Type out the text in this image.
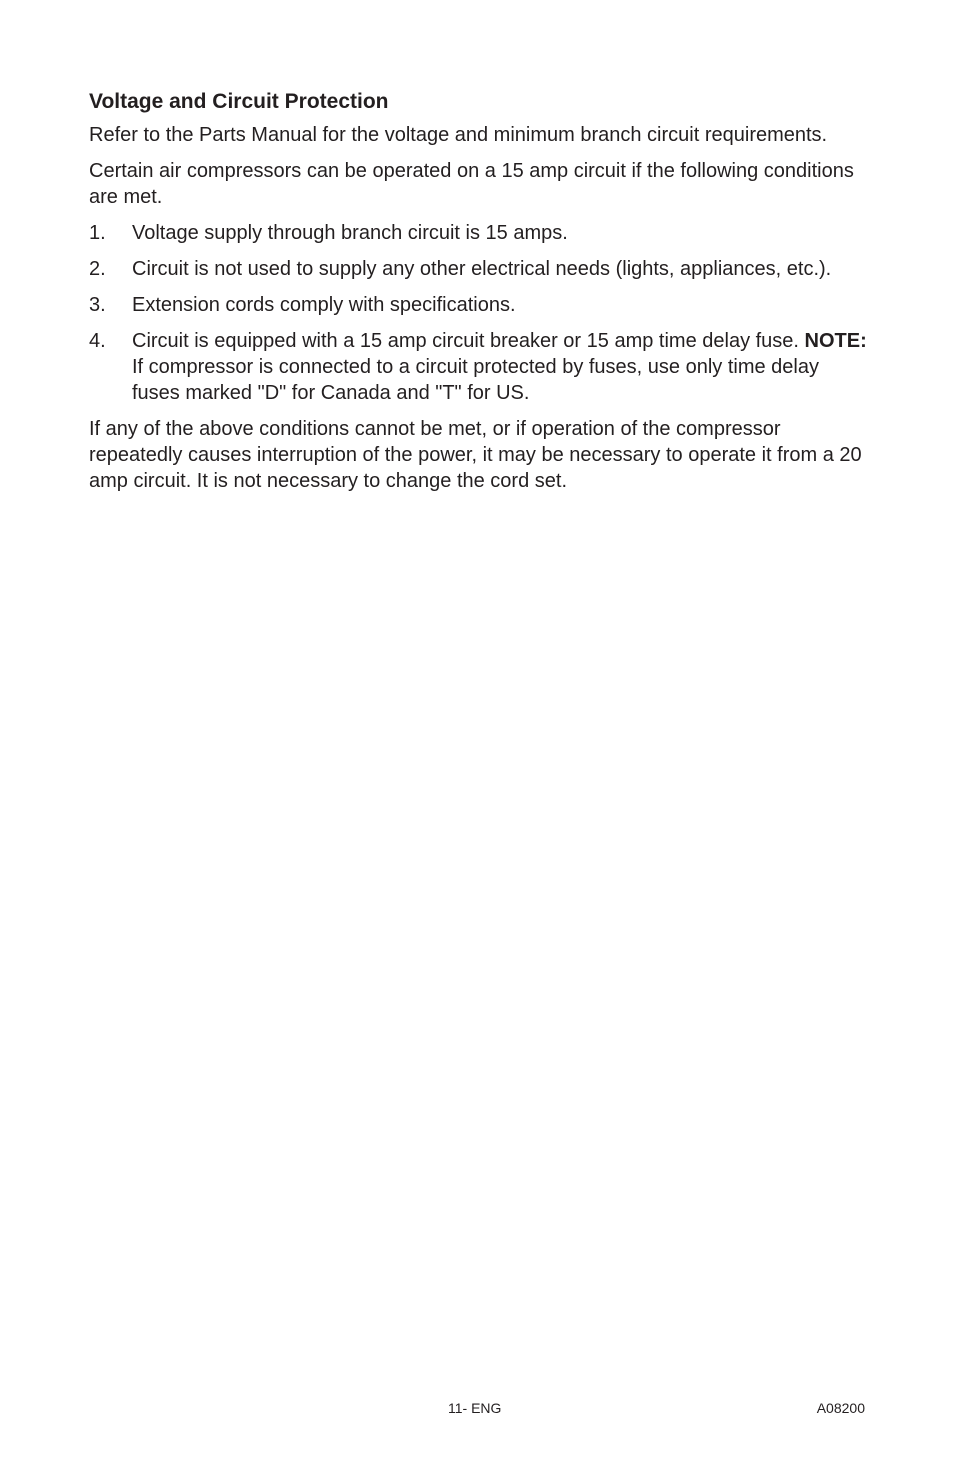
Voltage and Circuit Protection

Refer to the Parts Manual for the voltage and minimum branch circuit requirements.

Certain air compressors can be operated on a 15 amp circuit if the following conditions are met.

1.	Voltage supply through branch circuit is 15 amps.
2.	Circuit is not used to supply any other electrical needs (lights, appliances, etc.).
3.	Extension cords comply with specifications.
4.	Circuit is equipped with a 15 amp circuit breaker or 15 amp time delay fuse. NOTE: If compressor is connected to a circuit protected by fuses, use only time delay fuses marked "D" for Canada and "T" for US.

If any of the above conditions cannot be met, or if operation of the compressor repeatedly causes interruption of the power, it may be necessary to operate it from a 20 amp circuit. It is not necessary to change the cord set.

11- ENG	A08200
